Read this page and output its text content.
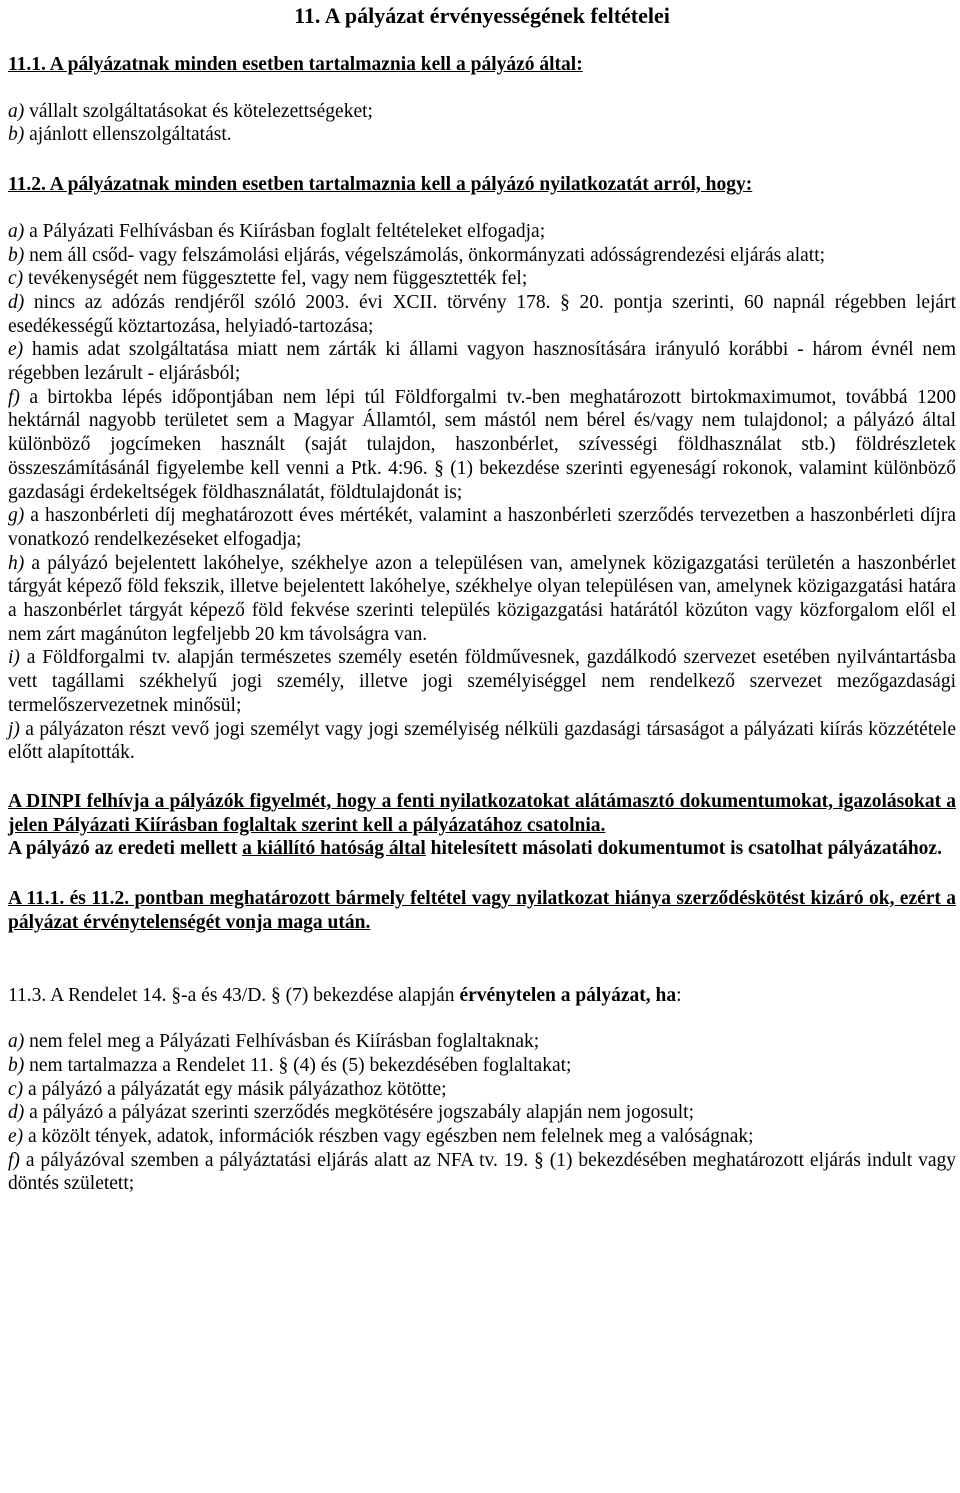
11. A pályázat érvényességének feltételei
11.1. A pályázatnak minden esetben tartalmaznia kell a pályázó által:
a) vállalt szolgáltatásokat és kötelezettségeket;
b) ajánlott ellenszolgáltatást.
11.2. A pályázatnak minden esetben tartalmaznia kell a pályázó nyilatkozatát arról, hogy:
a) a Pályázati Felhívásban és Kiírásban foglalt feltételeket elfogadja;
b) nem áll csőd- vagy felszámolási eljárás, végelszámolás, önkormányzati adósságrendezési eljárás alatt;
c) tevékenységét nem függesztette fel, vagy nem függesztették fel;
d) nincs az adózás rendjéről szóló 2003. évi XCII. törvény 178. § 20. pontja szerinti, 60 napnál régebben lejárt esedékességű köztartozása, helyiadó-tartozása;
e) hamis adat szolgáltatása miatt nem zárták ki állami vagyon hasznosítására irányuló korábbi - három évnél nem régebben lezárult - eljárásból;
f) a birtokba lépés időpontjában nem lépi túl Földforgalmi tv.-ben meghatározott birtokmaximumot, továbbá 1200 hektárnál nagyobb területet sem a Magyar Államtól, sem mástól nem bérel és/vagy nem tulajdonol; a pályázó által különböző jogcímeken használt (saját tulajdon, haszonbérlet, szívességi földhasználat stb.) földrészletek összeszámításánál figyelembe kell venni a Ptk. 4:96. § (1) bekezdése szerinti egyeneságí rokonok, valamint különböző gazdasági érdekeltségek földhasználatát, földtulajdonát is;
g) a haszonbérleti díj meghatározott éves mértékét, valamint a haszonbérleti szerződés tervezetben a haszonbérleti díjra vonatkozó rendelkezéseket elfogadja;
h) a pályázó bejelentett lakóhelye, székhelye azon a településen van, amelynek közigazgatási területén a haszonbérlet tárgyát képező föld fekszik, illetve bejelentett lakóhelye, székhelye olyan településen van, amelynek közigazgatási határa a haszonbérlet tárgyát képező föld fekvése szerinti település közigazgatási határától közúton vagy közforgalom elől el nem zárt magánúton legfeljebb 20 km távolságra van.
i) a Földforgalmi tv. alapján természetes személy esetén földművesnek, gazdálkodó szervezet esetében nyilvántartásba vett tagállami székhelyű jogi személy, illetve jogi személyiséggel nem rendelkező szervezet mezőgazdasági termelőszervezetnek minősül;
j) a pályázaton részt vevő jogi személyt vagy jogi személyiség nélküli gazdasági társaságot a pályázati kiírás közzététele előtt alapították.
A DINPI felhívja a pályázók figyelmét, hogy a fenti nyilatkozatokat alátámasztó dokumentumokat, igazolásokat a jelen Pályázati Kiírásban foglaltak szerint kell a pályázatához csatolnia.
A pályázó az eredeti mellett a kiállító hatóság által hitelesített másolati dokumentumot is csatolhat pályázatához.
A 11.1. és 11.2. pontban meghatározott bármely feltétel vagy nyilatkozat hiánya szerződéskötést kizáró ok, ezért a pályázat érvénytelenségét vonja maga után.
11.3. A Rendelet 14. §-a és 43/D. § (7) bekezdése alapján érvénytelen a pályázat, ha:
a) nem felel meg a Pályázati Felhívásban és Kiírásban foglaltaknak;
b) nem tartalmazza a Rendelet 11. § (4) és (5) bekezdésében foglaltakat;
c) a pályázó a pályázatát egy másik pályázathoz kötötte;
d) a pályázó a pályázat szerinti szerződés megkötésére jogszabály alapján nem jogosult;
e) a közölt tények, adatok, információk részben vagy egészben nem felelnek meg a valóságnak;
f) a pályázóval szemben a pályáztatási eljárás alatt az NFA tv. 19. § (1) bekezdésében meghatározott eljárás indult vagy döntés született;
